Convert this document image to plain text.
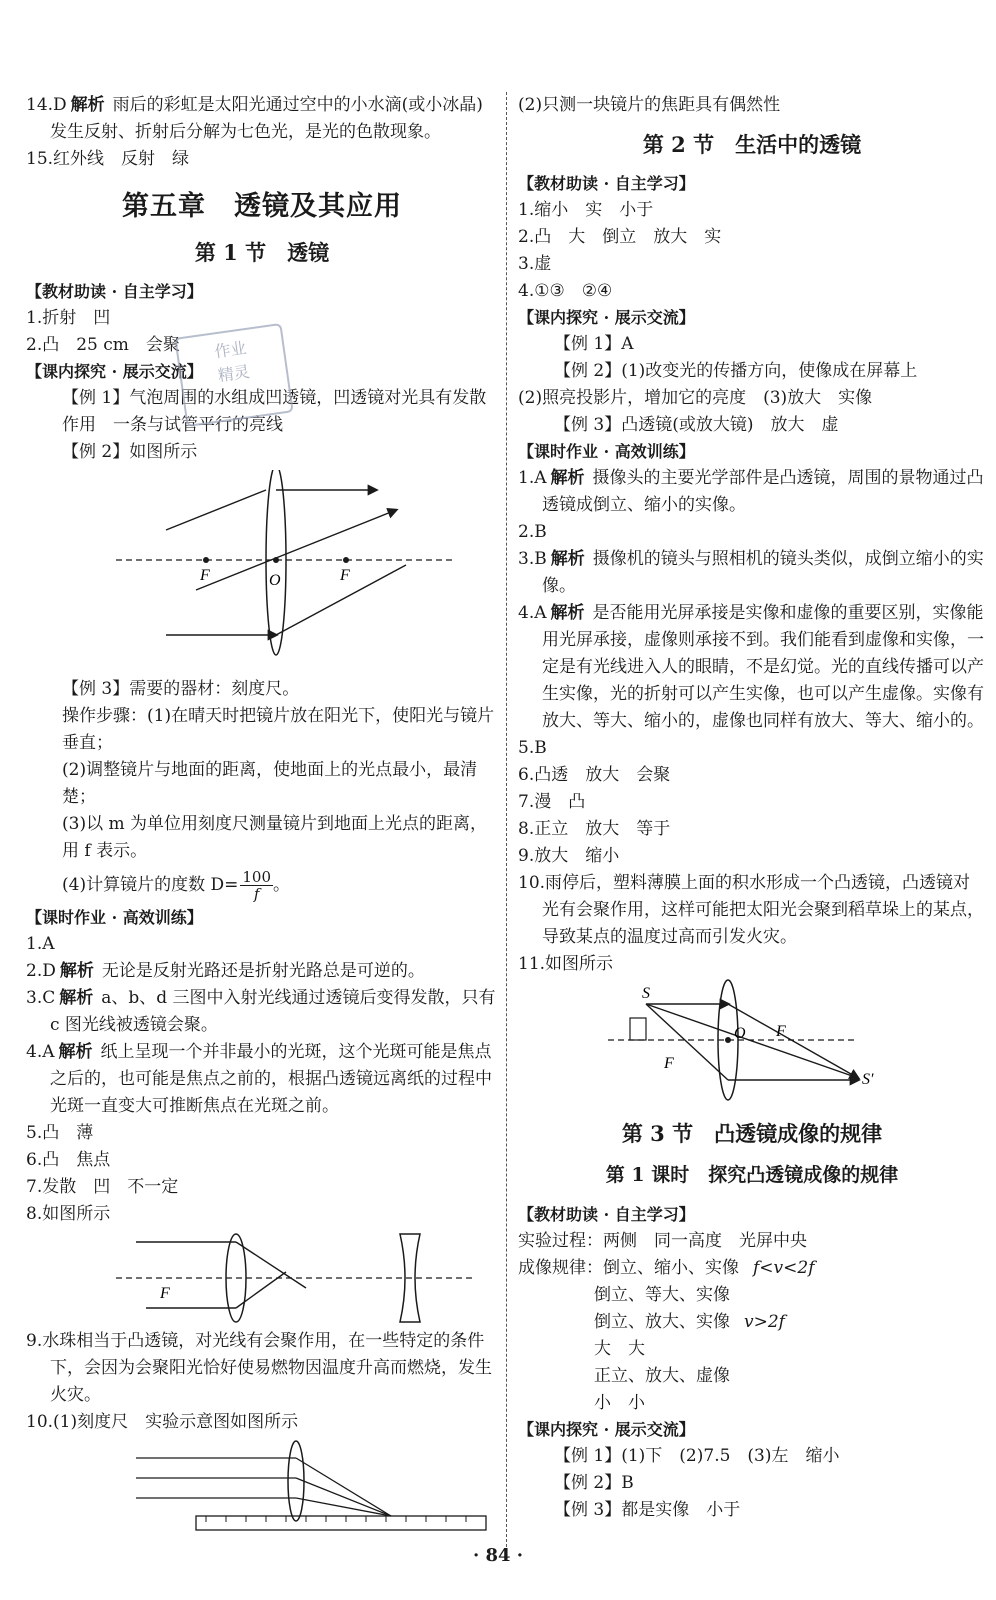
14.D 解析 雨后的彩虹是太阳光通过空中的小水滴(或小冰晶)发生反射、折射后分解为七色光，是光的色散现象。
15.红外线　反射　绿
第五章　透镜及其应用
第 1 节　透镜
【教材助读 · 自主学习】
1.折射　凹
2.凸　25 cm　会聚
【课内探究 · 展示交流】
【例 1】气泡周围的水组成凹透镜，凹透镜对光具有发散作用　一条与试管平行的亮线
【例 2】如图所示
F	O	F
【例 3】需要的器材：刻度尺。
操作步骤：(1)在晴天时把镜片放在阳光下，使阳光与镜片垂直；
(2)调整镜片与地面的距离，使地面上的光点最小，最清楚；
(3)以 m 为单位用刻度尺测量镜片到地面上光点的距离，用 f 表示。
(4)计算镜片的度数 $D= \frac{100}{f}$ 。
【课时作业 · 高效训练】
1.A
2.D 解析 无论是反射光路还是折射光路总是可逆的。
3.C 解析 a、b、d 三图中入射光线通过透镜后变得发散，只有 c 图光线被透镜会聚。
4.A 解析 纸上呈现一个并非最小的光斑，这个光斑可能是焦点之后的，也可能是焦点之前的，根据凸透镜远离纸的过程中光斑一直变大可推断焦点在光斑之前。
5.凸　薄
6.凸　焦点
7.发散　凹　不一定
8.如图所示
F
9.水珠相当于凸透镜，对光线有会聚作用，在一些特定的条件下，会因为会聚阳光恰好使易燃物因温度升高而燃烧，发生火灾。
10.(1)刻度尺　实验示意图如图所示
作业
精灵
(2)只测一块镜片的焦距具有偶然性
第 2 节　生活中的透镜
【教材助读 · 自主学习】
1.缩小　实　小于
2.凸　大　倒立　放大　实
3.虚
4.①③　②④
【课内探究 · 展示交流】
【例 1】A
【例 2】(1)改变光的传播方向，使像成在屏幕上
(2)照亮投影片，增加它的亮度　(3)放大　实像
【例 3】凸透镜(或放大镜)　放大　虚
【课时作业 · 高效训练】
1.A 解析 摄像头的主要光学部件是凸透镜，周围的景物通过凸透镜成倒立、缩小的实像。
2.B
3.B 解析 摄像机的镜头与照相机的镜头类似，成倒立缩小的实像。
4.A 解析 是否能用光屏承接是实像和虚像的重要区别，实像能用光屏承接，虚像则承接不到。我们能看到虚像和实像，一定是有光线进入人的眼睛，不是幻觉。光的直线传播可以产生实像，光的折射可以产生实像，也可以产生虚像。实像有放大、等大、缩小的，虚像也同样有放大、等大、缩小的。
5.B
6.凸透　放大　会聚
7.漫　凸
8.正立　放大　等于
9.放大　缩小
10.雨停后，塑料薄膜上面的积水形成一个凸透镜，凸透镜对光有会聚作用，这样可能把太阳光会聚到稻草垛上的某点，导致某点的温度过高而引发火灾。
11.如图所示
S
O F
F
S′
第 3 节　凸透镜成像的规律
第 1 课时　探究凸透镜成像的规律
【教材助读 · 自主学习】
实验过程：两侧　同一高度　光屏中央
成像规律：倒立、缩小、实像 f<v<2f
倒立、等大、实像
倒立、放大、实像 v>2f
大　大
正立、放大、虚像
小　小
【课内探究 · 展示交流】
【例 1】(1)下　(2)7.5　(3)左　缩小
【例 2】B
【例 3】都是实像　小于
· 84 ·
